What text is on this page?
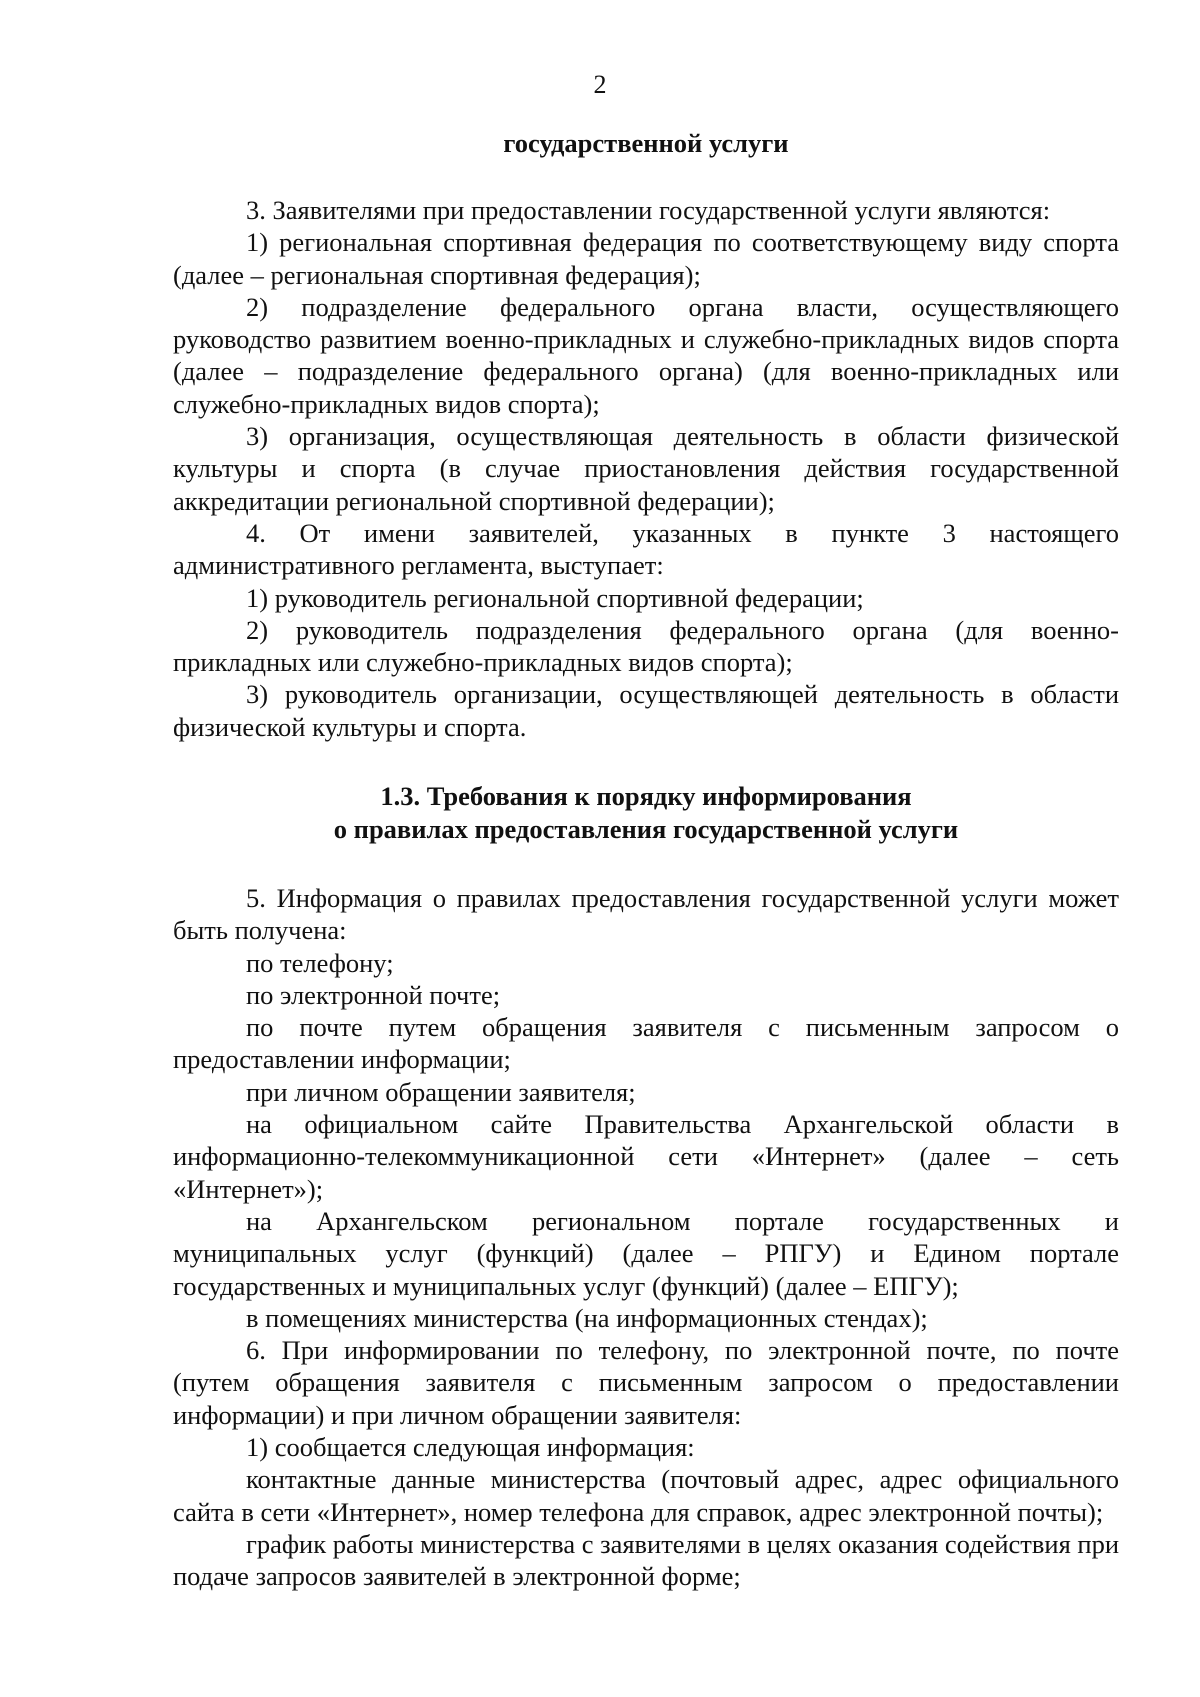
2
государственной услуги

3. Заявителями при предоставлении государственной услуги являются:

1) региональная спортивная федерация по соответствующему виду спорта (далее – региональная спортивная федерация);

2) подразделение федерального органа власти, осуществляющего руководство развитием военно-прикладных и служебно-прикладных видов спорта (далее – подразделение федерального органа) (для военно-прикладных или служебно-прикладных видов спорта);

3) организация, осуществляющая деятельность в области физической культуры и спорта (в случае приостановления действия государственной аккредитации региональной спортивной федерации);

4. От имени заявителей, указанных в пункте 3 настоящего административного регламента, выступает:

1) руководитель региональной спортивной федерации;

2) руководитель подразделения федерального органа (для военно-прикладных или служебно-прикладных видов спорта);

3) руководитель организации, осуществляющей деятельность в области физической культуры и спорта.

1.3. Требования к порядку информирования
о правилах предоставления государственной услуги

5. Информация о правилах предоставления государственной услуги может быть получена:

по телефону;

по электронной почте;

по почте путем обращения заявителя с письменным запросом о предоставлении информации;

при личном обращении заявителя;

на официальном сайте Правительства Архангельской области в информационно-телекоммуникационной сети «Интернет» (далее – сеть «Интернет»);

на Архангельском региональном портале государственных и муниципальных услуг (функций) (далее – РПГУ) и Едином портале государственных и муниципальных услуг (функций) (далее – ЕПГУ);

в помещениях министерства (на информационных стендах);

6. При информировании по телефону, по электронной почте, по почте (путем обращения заявителя с письменным запросом о предоставлении информации) и при личном обращении заявителя:

1) сообщается следующая информация:

контактные данные министерства (почтовый адрес, адрес официального сайта в сети «Интернет», номер телефона для справок, адрес электронной почты);

график работы министерства с заявителями в целях оказания содействия при подаче запросов заявителей в электронной форме;
